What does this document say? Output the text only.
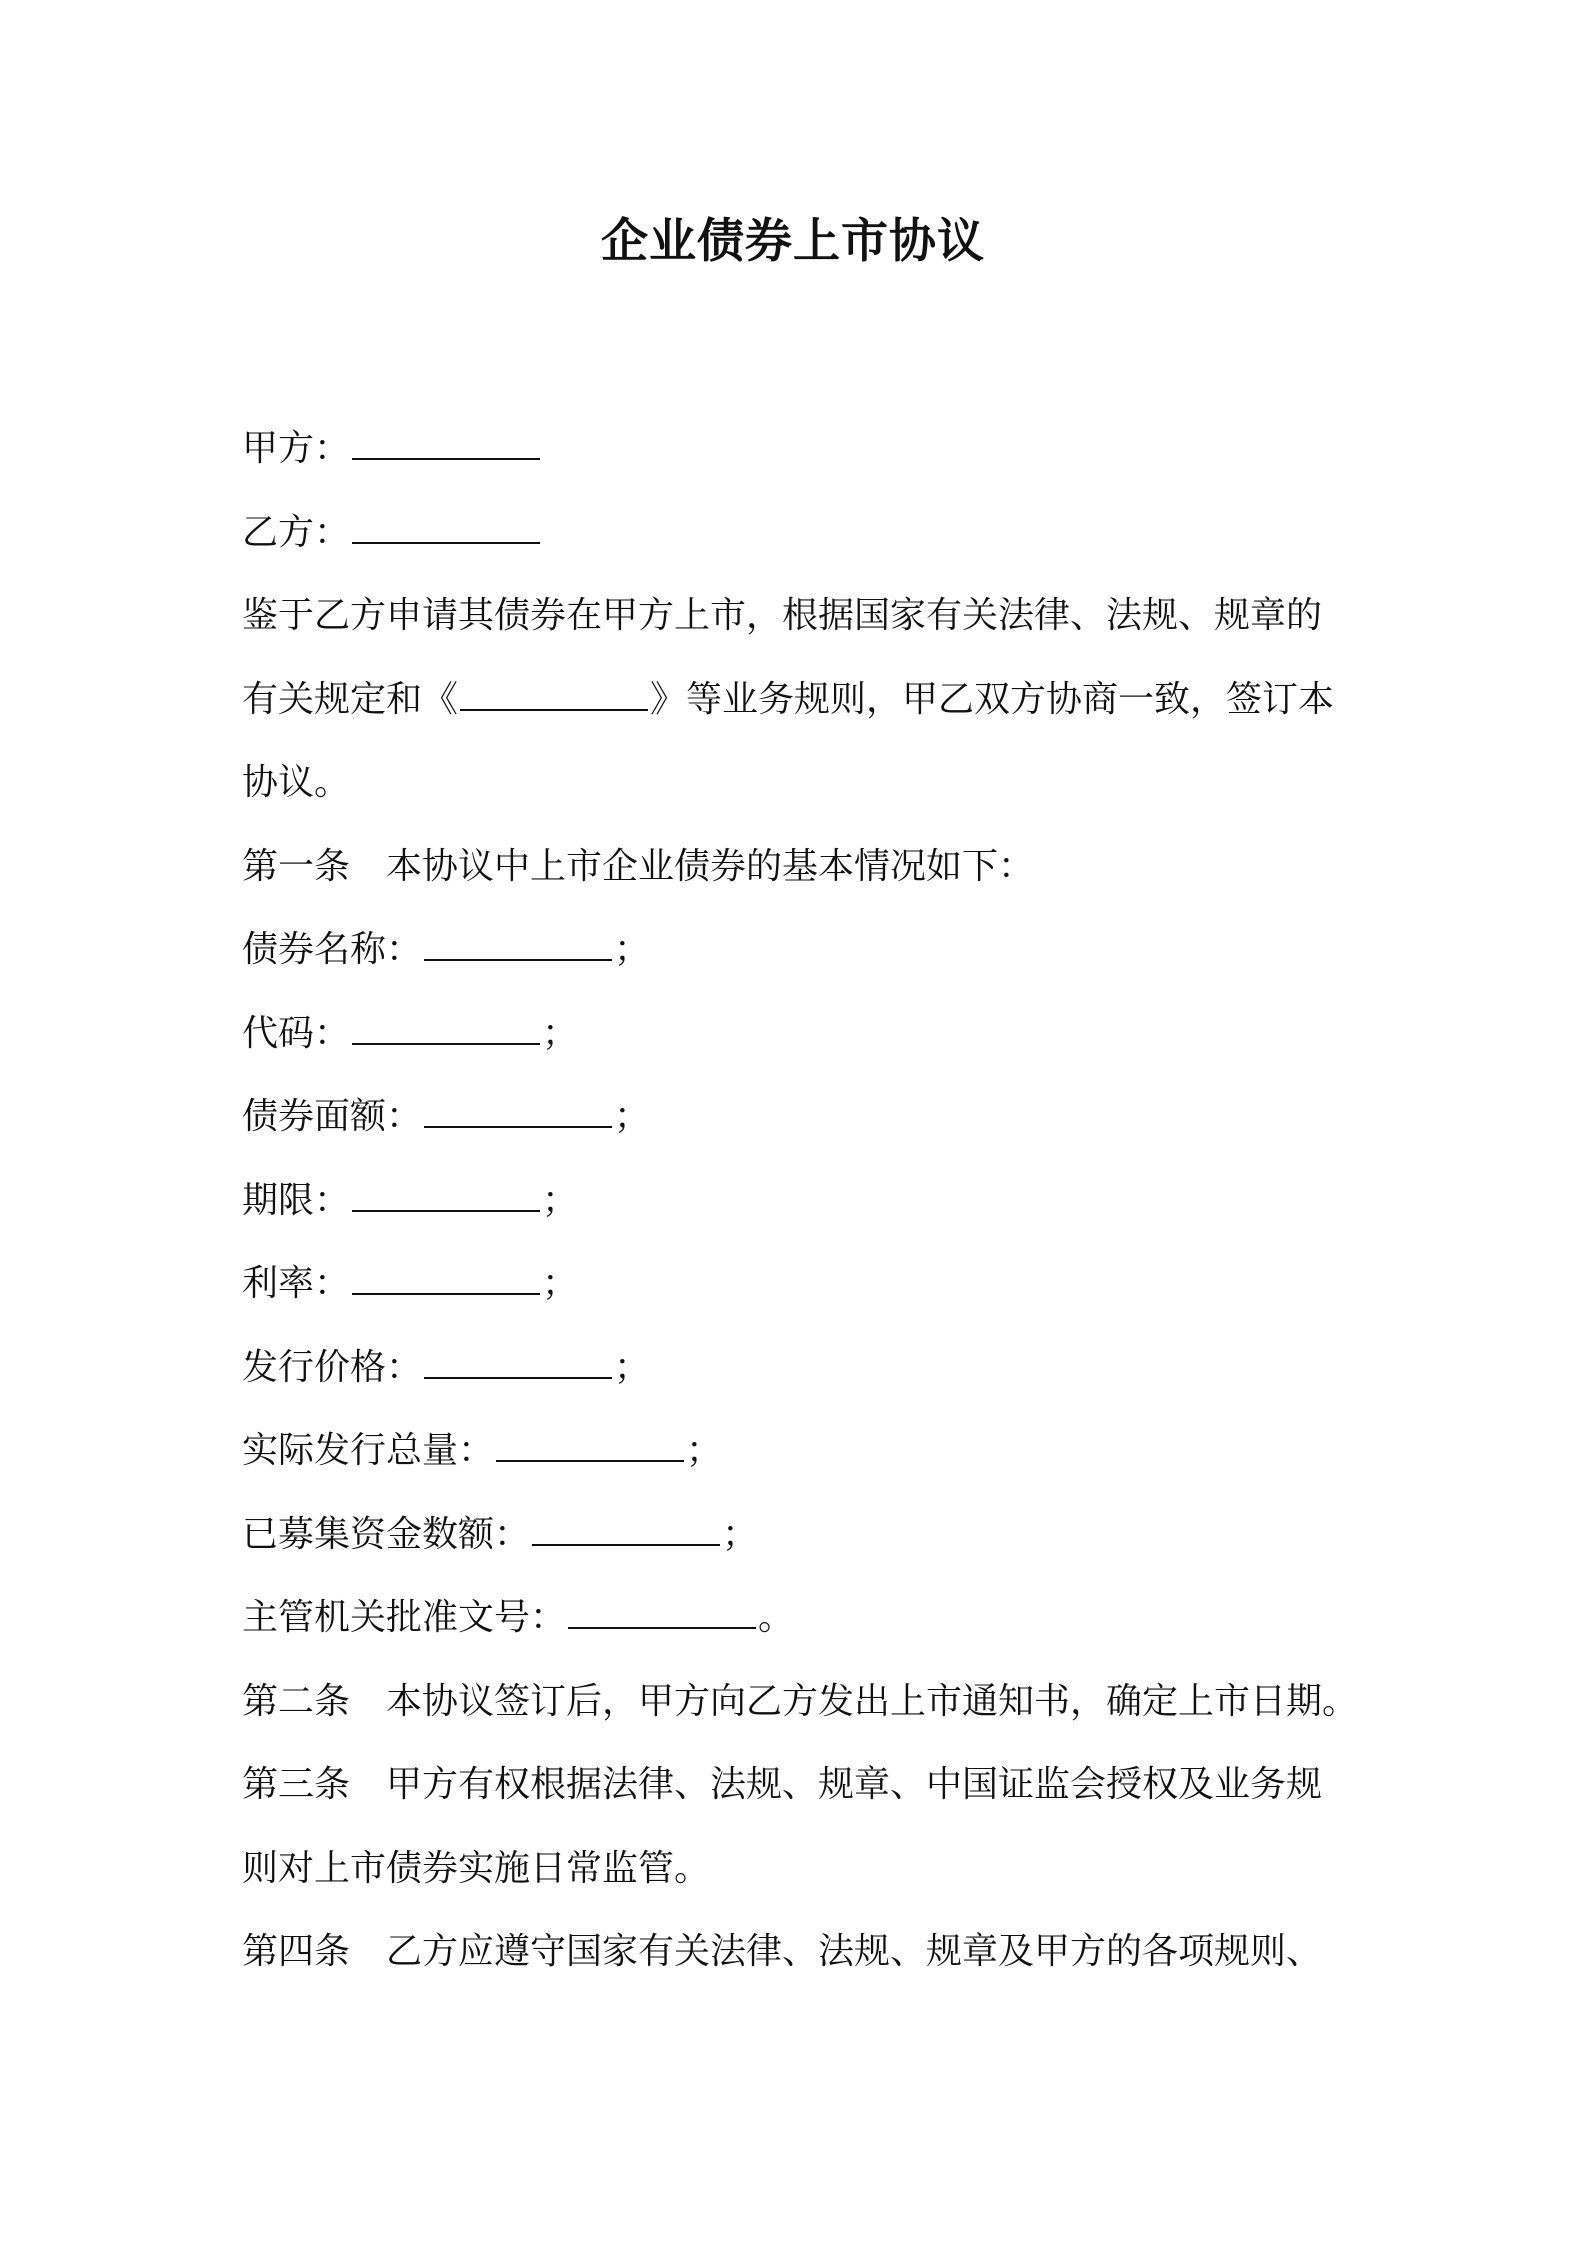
企业债券上市协议
甲方：
乙方：
鉴于乙方申请其债券在甲方上市，根据国家有关法律、法规、规章的
有关规定和《	》等业务规则，甲乙双方协商一致，签订本
协议。
第一条 本协议中上市企业债券的基本情况如下：
债券名称：	；
代码：	；
债券面额：	；
期限：	；
利率：	；
发行价格：	；
实际发行总量：	；
已募集资金数额：	；
主管机关批准文号：	。
第二条 本协议签订后，甲方向乙方发出上市通知书，确定上市日期。
第三条 甲方有权根据法律、法规、规章、中国证监会授权及业务规
则对上市债券实施日常监管。
第四条 乙方应遵守国家有关法律、法规、规章及甲方的各项规则、
